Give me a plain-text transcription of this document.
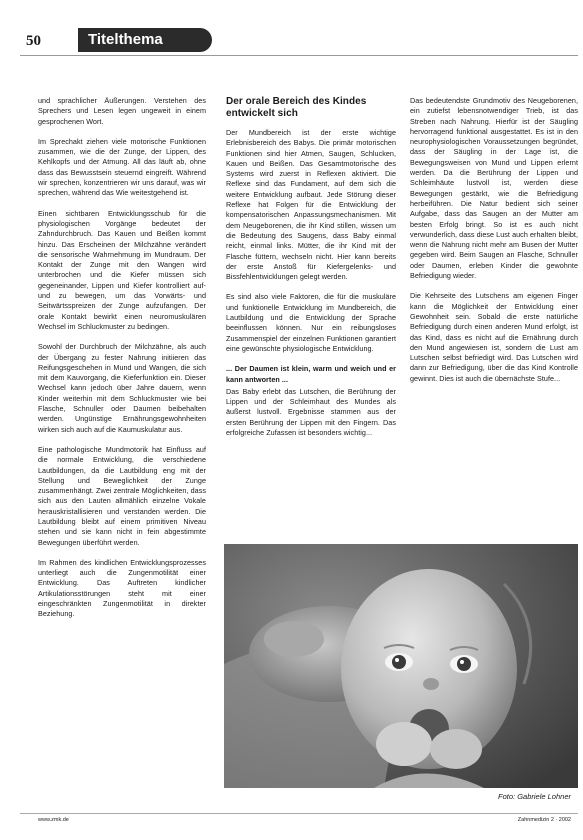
50	Titelthema

und sprachlicher Äußerungen. Verstehen des Sprechers und Lesen legen ungeweit in einem gesprochenen Wort.

Im Sprechakt ziehen viele motorische Funktionen zusammen, wie die der Zunge, der Lippen, des Kehlkopfs und der Atmung. All das läuft ab, ohne dass das Bewusstsein steuernd eingreift. Während wir sprechen, konzentrieren wir uns darauf, was wir sprechen, während das Wie weitestgehend ist.

Einen sichtbaren Entwicklungsschub für die physiologischen Vorgänge bedeutet der Zahndurchbruch. Das Kauen und Beißen kommt hinzu. Das Erscheinen der Milchzähne verändert die sensorische Wahrnehmung im Mundraum. Der Kontakt der Zunge mit den Wangen wird unterbrochen und die Kiefer müssen sich gegeneinander, Lippen und Kiefer kontrolliert auf- und zu bewegen, um das Vorwärts- und Seitwärtsspreizen der Zunge aufzufangen. Der orale Kontakt bewirkt einen neuromuskulären Wechsel im Schluckmuster zu bedingen.

Sowohl der Durchbruch der Milchzähne, als auch der Übergang zu fester Nahrung initiieren das Reifungsgeschehen in Mund und Wangen, die sich mit dem Kauvorgang, die Kieferfunktion ein. Dieser Wechsel kann jedoch über Jahre dauern, wenn Kinder weiterhin mit dem Schluckmuster wie bei Flasche, Schnuller oder Daumen beibehalten werden. Ungünstige Ernährungsgewohnheiten wirken sich auch auf die Kaumuskulatur aus.

Eine pathologische Mundmotorik hat Einfluss auf die normale Entwicklung, die verschiedene Lautbildungen, da die Lautbildung eng mit der Stellung und Beweglichkeit der Zunge zusammenhängt. Zwei zentrale Möglichkeiten, dass sich aus den Lauten allmählich einzelne Vokale herauskristallisieren und verstanden werden. Die Lautbildung bleibt auf einem primitiven Niveau stehen und sie kann nicht in fein abgestimmte Bewegungen überführt werden.

Im Rahmen des kindlichen Entwicklungsprozesses unterliegt auch die Zungenmotilität einer Entwicklung. Das Auftreten kindlicher Artikulationsstörungen steht mit einer eingeschränkten Zungenmotilität in direkter Beziehung.

Der orale Bereich des Kindes entwickelt sich

Der Mundbereich ist der erste wichtige Erlebnisbereich des Babys. Die primär motorischen Funktionen sind hier Atmen, Saugen, Schlucken, Kauen und Beißen. Das Gesamtmotorische des Systems wird zuerst in Reflexen aktiviert. Die Reflexe sind das Fundament, auf dem sich die weitere Entwicklung aufbaut. Jede Störung dieser Reflexe hat Folgen für die Entwicklung der kompensatorischen Anpassungsmechanismen. Mit dem Neugeborenen, die ihr Kind stillen, wissen um die Bedeutung des Saugens, dass Baby einmal reicht, einmal links. Mütter, die ihr Kind mit der Flasche füttern, wechseln nicht. Hier kann bereits der erste Anstoß für Kiefergelenks- und Bissfehlentwicklungen gelegt werden.

Es sind also viele Faktoren, die für die muskuläre und funktionelle Entwicklung im Mundbereich, die Lautbildung und die Entwicklung der Sprache beeinflussen können. Nur ein reibungsloses Zusammenspiel der einzelnen Funktionen garantiert eine gewünschte physiologische Entwicklung.

... Der Daumen ist klein, warm und weich und er kann antworten ...

Das Baby erlebt das Lutschen, die Berührung der Lippen und der Schleimhaut des Mundes als äußerst lustvoll. Ergebnisse stammen aus der ersten Berührung der Lippen mit den Fingern. Das erfolgreiche Zufassen ist besonders wichtig...

Das bedeutendste Grundmotiv des Neugeborenen, ein zutiefst lebensnotwendiger Trieb, ist das Streben nach Nahrung. Hierfür ist der Säugling hervorragend funktional ausgestattet. Es ist in den neurophysiologischen Voraussetzungen begründet, dass der Säugling in der Lage ist, die Bewegungsweisen von Mund und Lippen erlernt werden. Da die Berührung der Lippen und Schleimhäute lustvoll ist, werden diese Bewegungen gestärkt, wie die Befriedigung herbeiführen. Die Natur bedient sich seiner Aufgabe, dass das Saugen an der Mutter am besten Erfolg bringt. So ist es auch nicht verwunderlich, dass diese Lust auch erhalten bleibt, wenn die Nahrung nicht mehr am Busen der Mutter gegeben wird. Beim Saugen an Flasche, Schnuller oder Daumen, erleben Kinder die gewohnte Befriedigung wieder.

Die Kehrseite des Lutschens am eigenen Finger kann die Möglichkeit der Entwicklung einer Gewohnheit sein. Sobald die erste natürliche Befriedigung durch einen anderen Mund erfolgt, ist das Kind, dass es nicht auf die Ernährung durch den Mund angewiesen ist, sondern die Lust am Lutschen selbst befriedigt wird. Das Lutschen wird dann zur Befriedigung, über die das Kind Kontrolle gewinnt. Dies ist auch die übernächste Stufe...

Foto: Gabriele Lohner
www.zmk.de	Zahnmedizin 2 · 2002
